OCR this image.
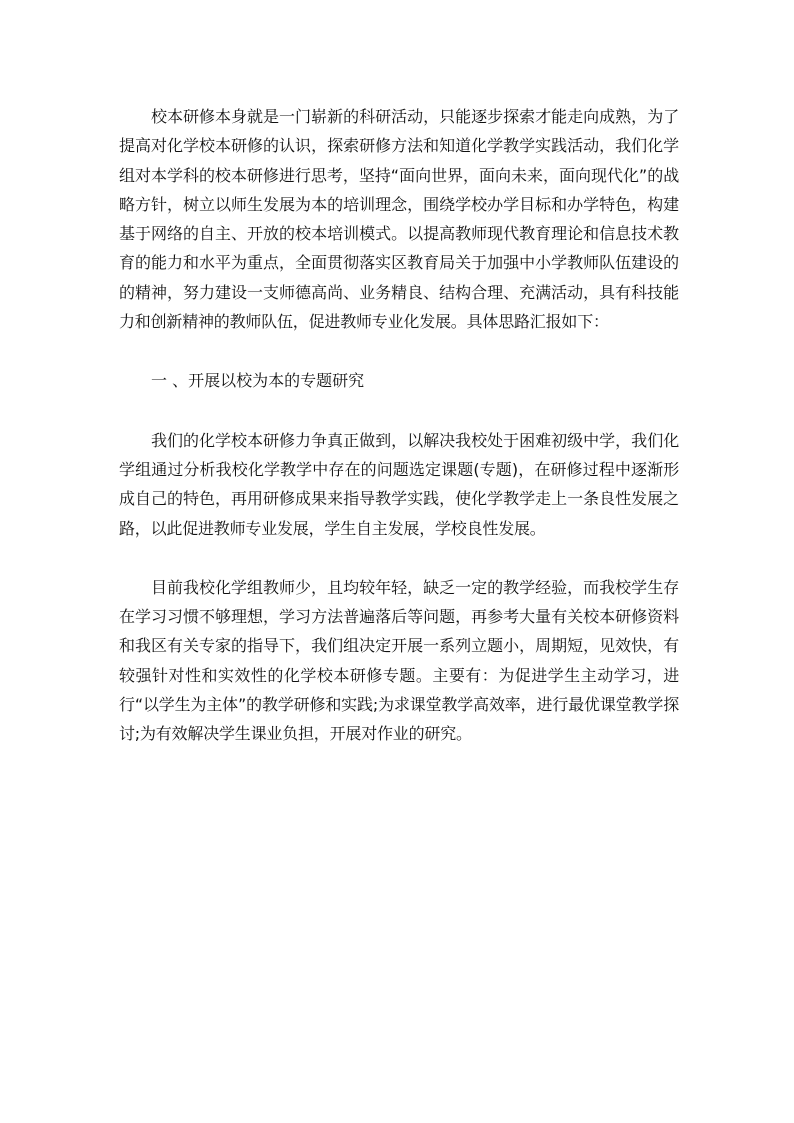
校本研修本身就是一门崭新的科研活动，只能逐步探索才能走向成熟，为了提高对化学校本研修的认识，探索研修方法和知道化学教学实践活动，我们化学组对本学科的校本研修进行思考，坚持“面向世界，面向未来，面向现代化”的战略方针，树立以师生发展为本的培训理念，围绕学校办学目标和办学特色，构建基于网络的自主、开放的校本培训模式。以提高教师现代教育理论和信息技术教育的能力和水平为重点，全面贯彻落实区教育局关于加强中小学教师队伍建设的的精神，努力建设一支师德高尚、业务精良、结构合理、充满活动，具有科技能力和创新精神的教师队伍，促进教师专业化发展。具体思路汇报如下：

一 、开展以校为本的专题研究

我们的化学校本研修力争真正做到，以解决我校处于困难初级中学，我们化学组通过分析我校化学教学中存在的问题选定课题(专题)，在研修过程中逐渐形成自己的特色，再用研修成果来指导教学实践，使化学教学走上一条良性发展之路，以此促进教师专业发展，学生自主发展，学校良性发展。

目前我校化学组教师少，且均较年轻，缺乏一定的教学经验，而我校学生存在学习习惯不够理想，学习方法普遍落后等问题，再参考大量有关校本研修资料和我区有关专家的指导下，我们组决定开展一系列立题小，周期短，见效快，有较强针对性和实效性的化学校本研修专题。主要有：为促进学生主动学习，进行“以学生为主体”的教学研修和实践;为求课堂教学高效率，进行最优课堂教学探讨;为有效解决学生课业负担，开展对作业的研究。
